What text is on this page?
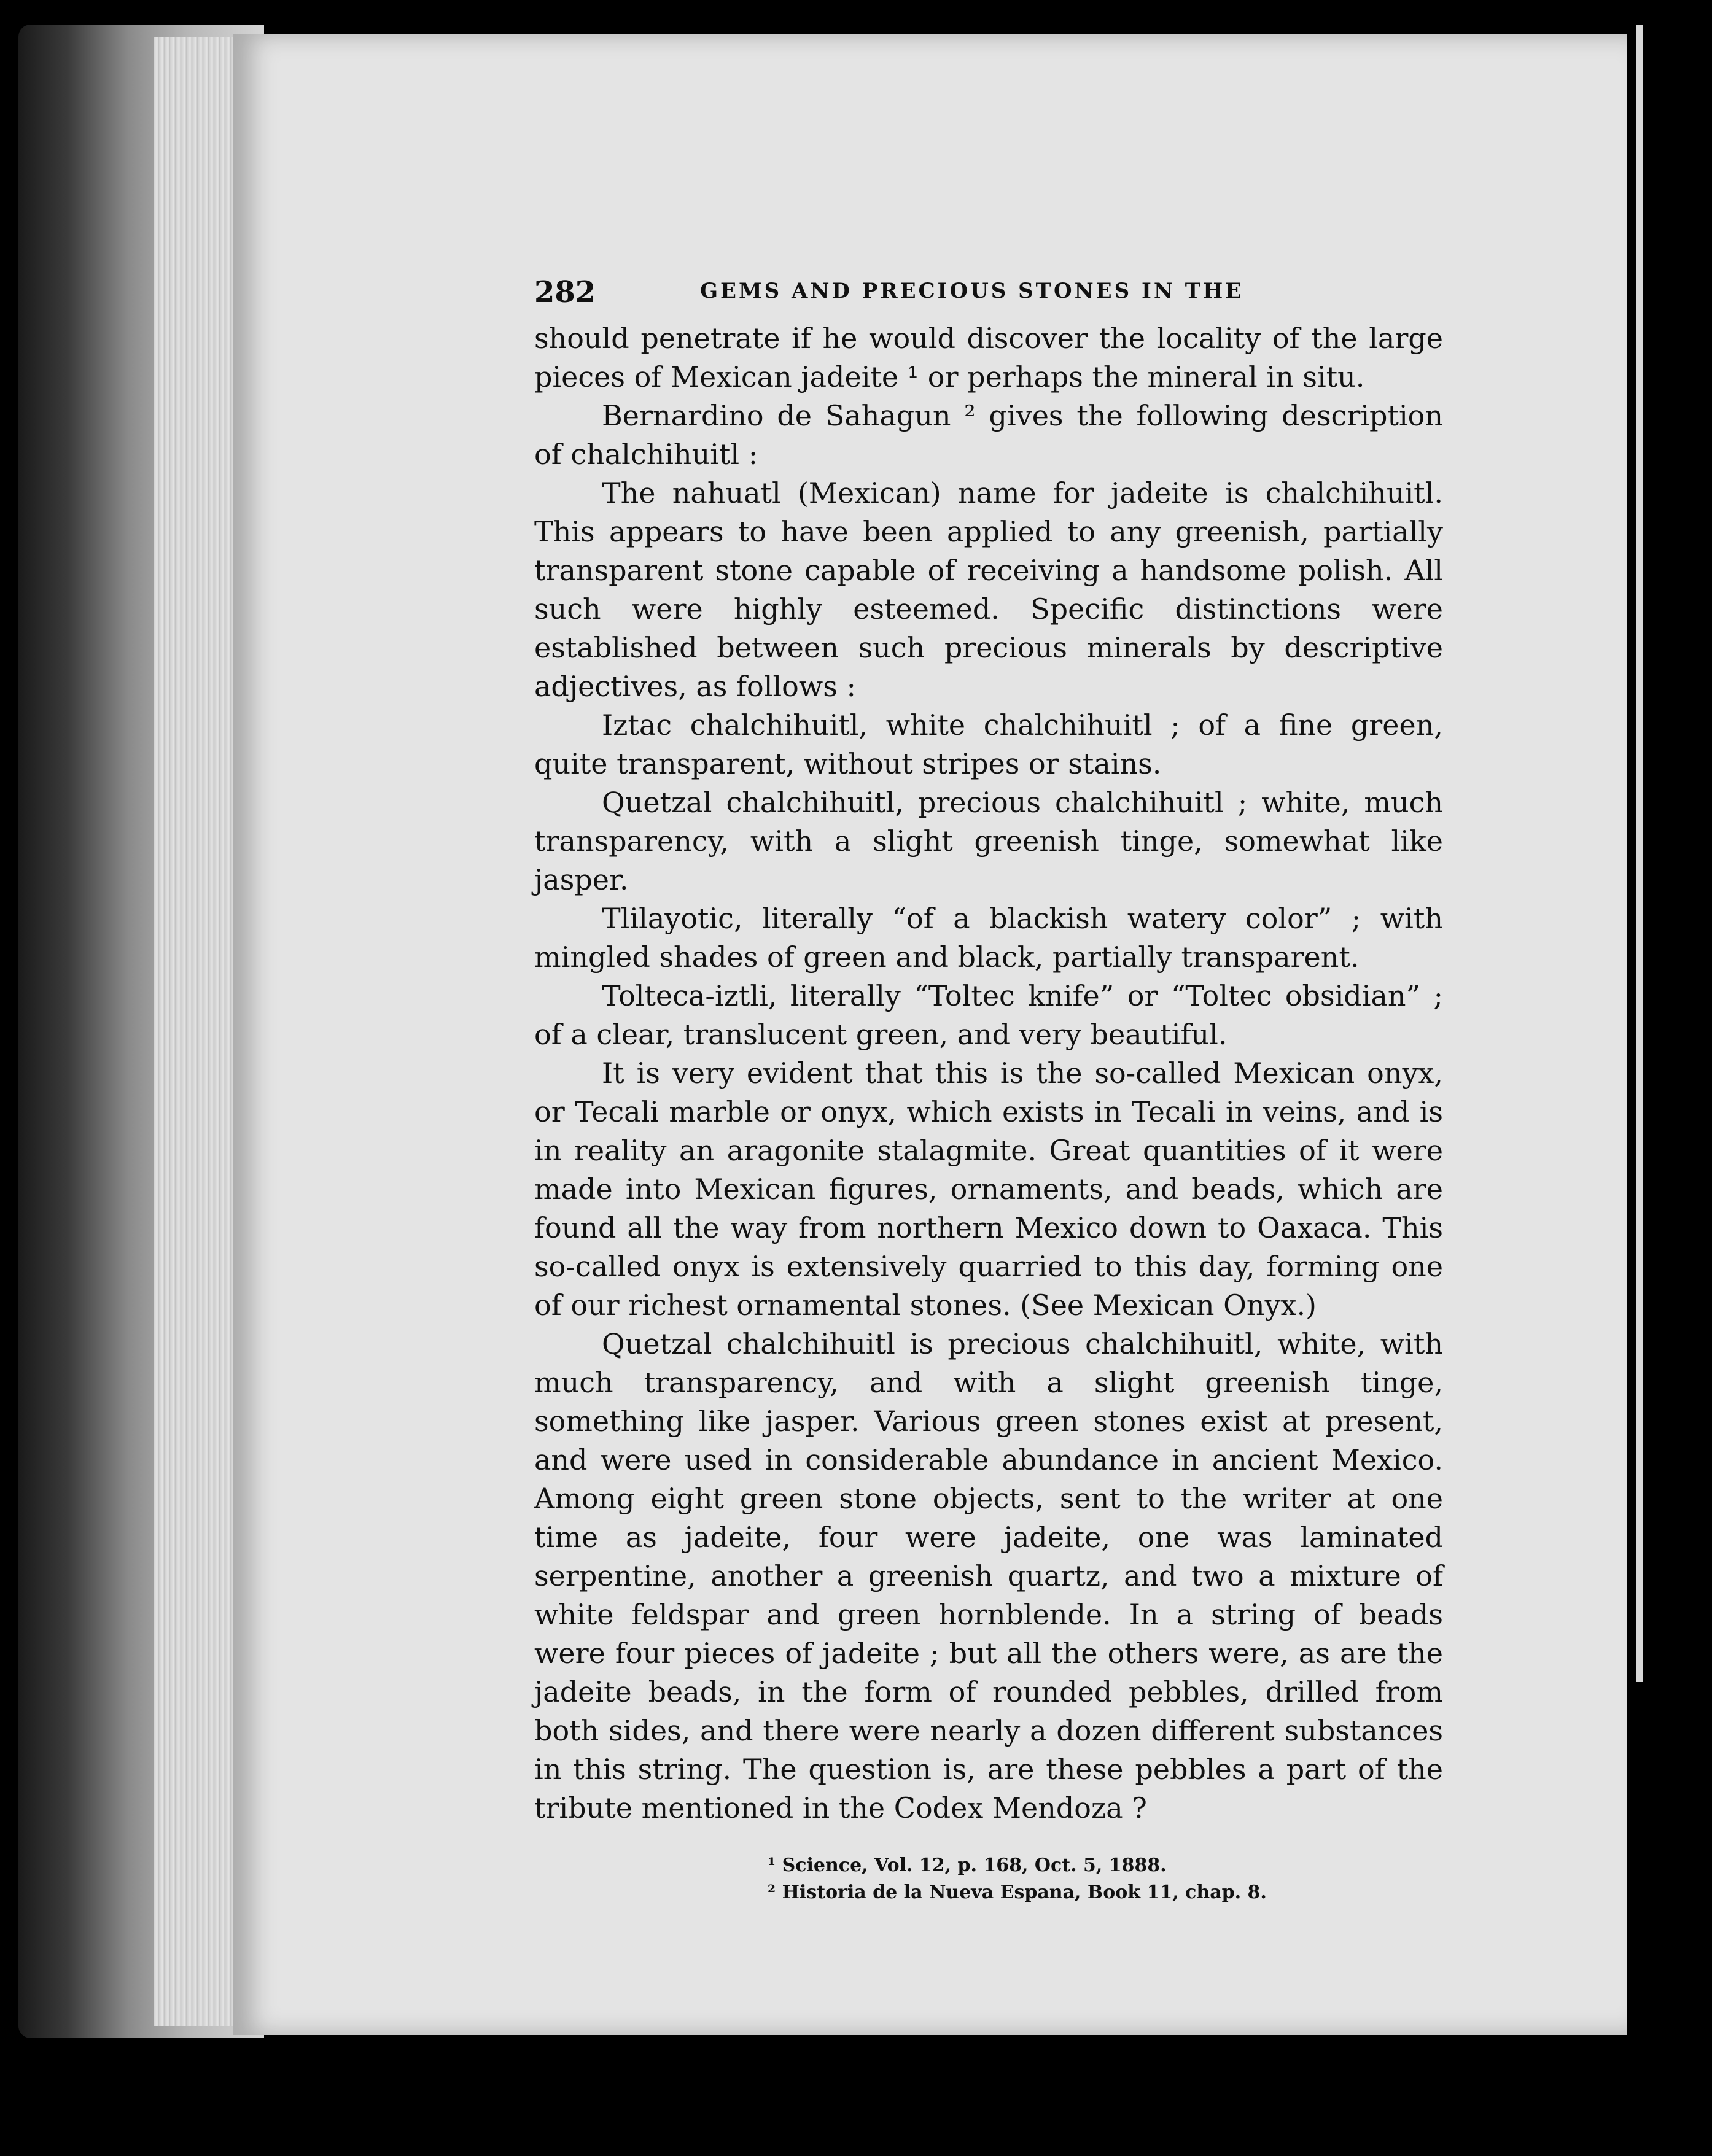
282	GEMS AND PRECIOUS STONES IN THE

should penetrate if he would discover the locality of the large pieces of Mexican jadeite ¹ or perhaps the mineral in situ.

Bernardino de Sahagun ² gives the following description of chalchihuitl :

The nahuatl (Mexican) name for jadeite is chalchihuitl. This appears to have been applied to any greenish, partially transparent stone capable of receiving a handsome polish. All such were highly esteemed. Specific distinctions were established between such precious minerals by descriptive adjectives, as follows :

Iztac chalchihuitl, white chalchihuitl ; of a fine green, quite transparent, without stripes or stains.

Quetzal chalchihuitl, precious chalchihuitl ; white, much transparency, with a slight greenish tinge, somewhat like jasper.

Tlilayotic, literally “of a blackish watery color” ; with mingled shades of green and black, partially transparent.

Tolteca-iztli, literally “Toltec knife” or “Toltec obsidian” ; of a clear, translucent green, and very beautiful.

It is very evident that this is the so-called Mexican onyx, or Tecali marble or onyx, which exists in Tecali in veins, and is in reality an aragonite stalagmite. Great quantities of it were made into Mexican figures, ornaments, and beads, which are found all the way from northern Mexico down to Oaxaca. This so-called onyx is extensively quarried to this day, forming one of our richest ornamental stones. (See Mexican Onyx.)

Quetzal chalchihuitl is precious chalchihuitl, white, with much transparency, and with a slight greenish tinge, something like jasper. Various green stones exist at present, and were used in considerable abundance in ancient Mexico. Among eight green stone objects, sent to the writer at one time as jadeite, four were jadeite, one was laminated serpentine, another a greenish quartz, and two a mixture of white feldspar and green hornblende. In a string of beads were four pieces of jadeite ; but all the others were, as are the jadeite beads, in the form of rounded pebbles, drilled from both sides, and there were nearly a dozen different substances in this string. The question is, are these pebbles a part of the tribute mentioned in the Codex Mendoza ?

¹ Science, Vol. 12, p. 168, Oct. 5, 1888.

² Historia de la Nueva Espana, Book 11, chap. 8.
